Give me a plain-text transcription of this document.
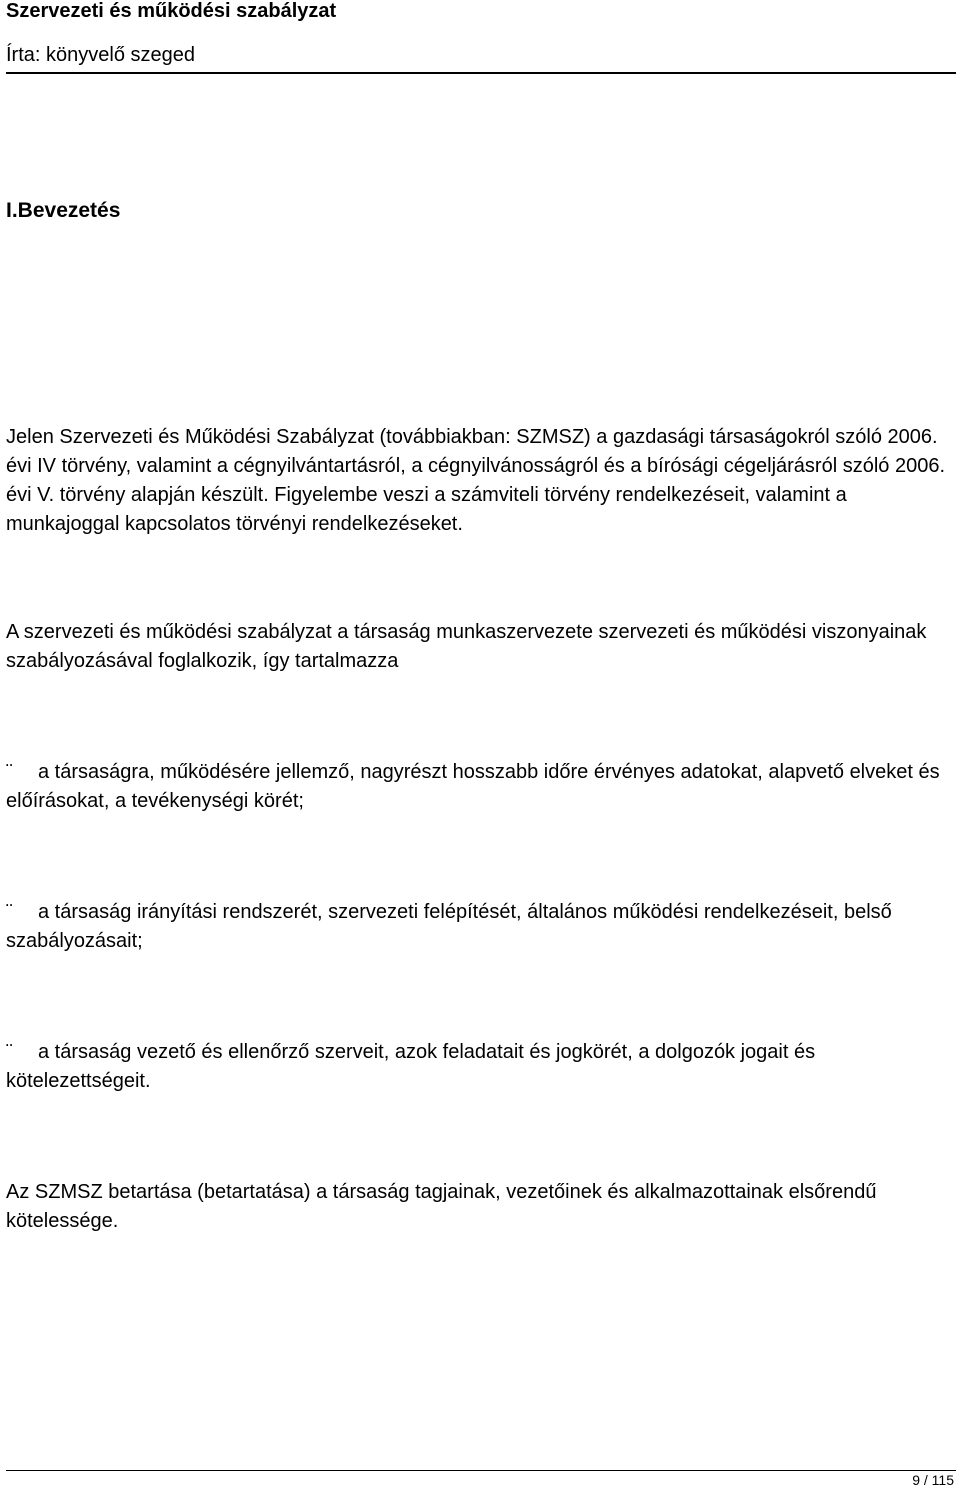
Szervezeti és működési szabályzat
Írta: könyvelő szeged
I.Bevezetés

Jelen Szervezeti és Működési Szabályzat (továbbiakban: SZMSZ) a gazdasági társaságokról szóló 2006. évi IV törvény, valamint a cégnyilvántartásról, a cégnyilvánosságról és a bírósági cégeljárásról szóló 2006. évi V. törvény alapján készült. Figyelembe veszi a számviteli törvény rendelkezéseit, valamint a munkajoggal kapcsolatos törvényi rendelkezéseket.

A szervezeti és működési szabályzat a társaság munkaszervezete szervezeti és működési viszonyainak szabályozásával foglalkozik, így tartalmazza

¨ a társaságra, működésére jellemző, nagyrészt hosszabb időre érvényes adatokat, alapvető elveket és előírásokat, a tevékenységi körét;

¨ a társaság irányítási rendszerét, szervezeti felépítését, általános működési rendelkezéseit, belső szabályozásait;

¨ a társaság vezető és ellenőrző szerveit, azok feladatait és jogkörét, a dolgozók jogait és kötelezettségeit.

Az SZMSZ betartása (betartatása) a társaság tagjainak, vezetőinek és alkalmazottainak elsőrendű kötelessége.

9 / 115
